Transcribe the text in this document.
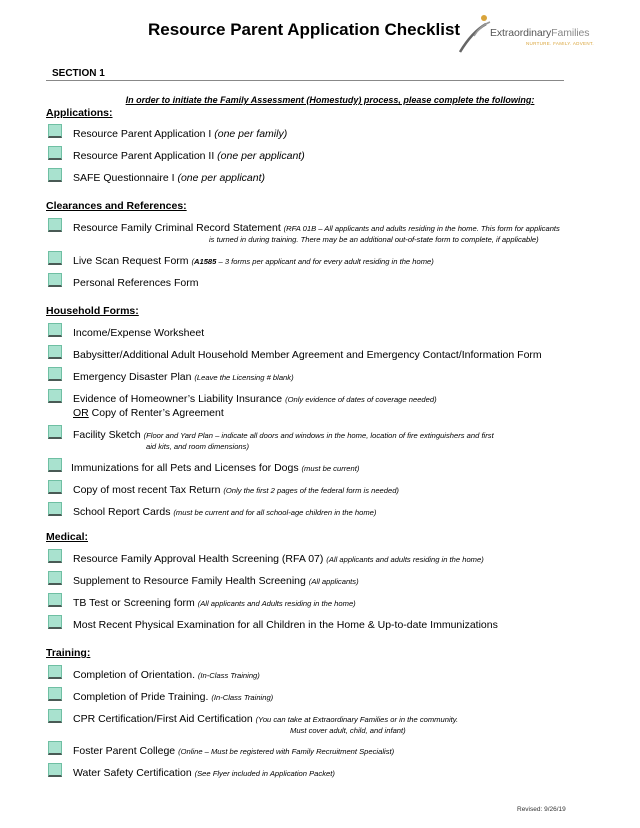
Resource Parent Application Checklist	ExtraordinaryFamilies
NURTURE. FAMILY. ADVENT.
SECTION 1
In order to initiate the Family Assessment (Homestudy) process, please complete the following:
Applications:
Resource Parent Application I (one per family)
Resource Parent Application II (one per applicant)
SAFE Questionnaire I (one per applicant)
Clearances and References:
Resource Family Criminal Record Statement (RFA 01B – All applicants and adults residing in the home. This form for applicants
is turned in during training. There may be an additional out-of-state form to complete, if applicable)
Live Scan Request Form (A1585 – 3 forms per applicant and for every adult residing in the home)
Personal References Form
Household Forms:
Income/Expense Worksheet
Babysitter/Additional Adult Household Member Agreement and Emergency Contact/Information Form
Emergency Disaster Plan (Leave the Licensing # blank)
Evidence of Homeowner’s Liability Insurance (Only evidence of dates of coverage needed)
OR Copy of Renter’s Agreement
Facility Sketch (Floor and Yard Plan – indicate all doors and windows in the home, location of fire extinguishers and first
aid kits, and room dimensions)
Immunizations for all Pets and Licenses for Dogs (must be current)
Copy of most recent Tax Return (Only the first 2 pages of the federal form is needed)
School Report Cards (must be current and for all school-age children in the home)
Medical:
Resource Family Approval Health Screening (RFA 07) (All applicants and adults residing in the home)
Supplement to Resource Family Health Screening (All applicants)
TB Test or Screening form (All applicants and Adults residing in the home)
Most Recent Physical Examination for all Children in the Home & Up-to-date Immunizations
Training:
Completion of Orientation. (In-Class Training)
Completion of Pride Training. (In-Class Training)
CPR Certification/First Aid Certification (You can take at Extraordinary Families or in the community.
Must cover adult, child, and infant)
Foster Parent College (Online – Must be registered with Family Recruitment Specialist)
Water Safety Certification (See Flyer included in Application Packet)
Revised: 9/26/19
